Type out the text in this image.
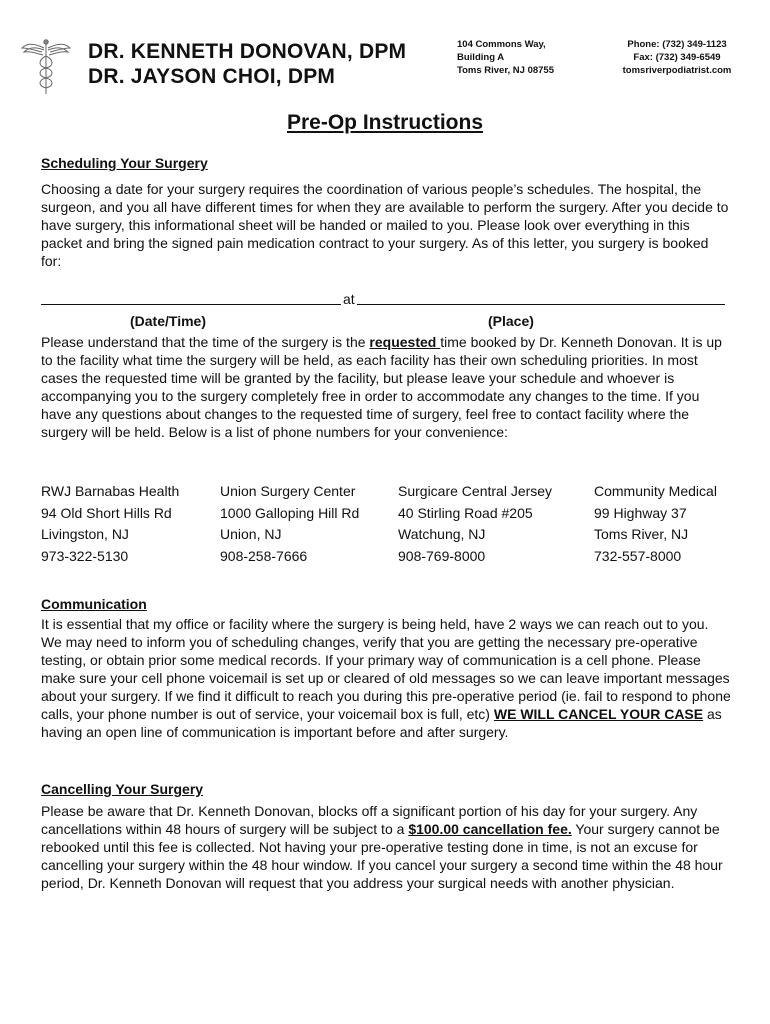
DR. KENNETH DONOVAN, DPM
DR. JAYSON CHOI, DPM
104 Commons Way,
Building A
Toms River, NJ 08755
Phone: (732) 349-1123
Fax: (732) 349-6549
tomsriverpodiatrist.com
Pre-Op Instructions
Scheduling Your Surgery
Choosing a date for your surgery requires the coordination of various people’s schedules. The hospital, the surgeon, and you all have different times for when they are available to perform the surgery. After you decide to have surgery, this informational sheet will be handed or mailed to you. Please look over everything in this packet and bring the signed pain medication contract to your surgery. As of this letter, you surgery is booked for:
at
(Date/Time)	(Place)
Please understand that the time of the surgery is the requested time booked by Dr. Kenneth Donovan. It is up to the facility what time the surgery will be held, as each facility has their own scheduling priorities. In most cases the requested time will be granted by the facility, but please leave your schedule and whoever is accompanying you to the surgery completely free in order to accommodate any changes to the time. If you have any questions about changes to the requested time of surgery, feel free to contact facility where the surgery will be held. Below is a list of phone numbers for your convenience:
RWJ Barnabas Health
94 Old Short Hills Rd
Livingston, NJ
973-322-5130
Union Surgery Center
1000 Galloping Hill Rd
Union, NJ
908-258-7666
Surgicare Central Jersey
40 Stirling Road #205
Watchung, NJ
908-769-8000
Community Medical
99 Highway 37
Toms River, NJ
732-557-8000
Communication
It is essential that my office or facility where the surgery is being held, have 2 ways we can reach out to you. We may need to inform you of scheduling changes, verify that you are getting the necessary pre-operative testing, or obtain prior some medical records. If your primary way of communication is a cell phone. Please make sure your cell phone voicemail is set up or cleared of old messages so we can leave important messages about your surgery. If we find it difficult to reach you during this pre-operative period (ie. fail to respond to phone calls, your phone number is out of service, your voicemail box is full, etc) WE WILL CANCEL YOUR CASE as having an open line of communication is important before and after surgery.
Cancelling Your Surgery
Please be aware that Dr. Kenneth Donovan, blocks off a significant portion of his day for your surgery. Any cancellations within 48 hours of surgery will be subject to a $100.00 cancellation fee. Your surgery cannot be rebooked until this fee is collected. Not having your pre-operative testing done in time, is not an excuse for cancelling your surgery within the 48 hour window. If you cancel your surgery a second time within the 48 hour period, Dr. Kenneth Donovan will request that you address your surgical needs with another physician.
